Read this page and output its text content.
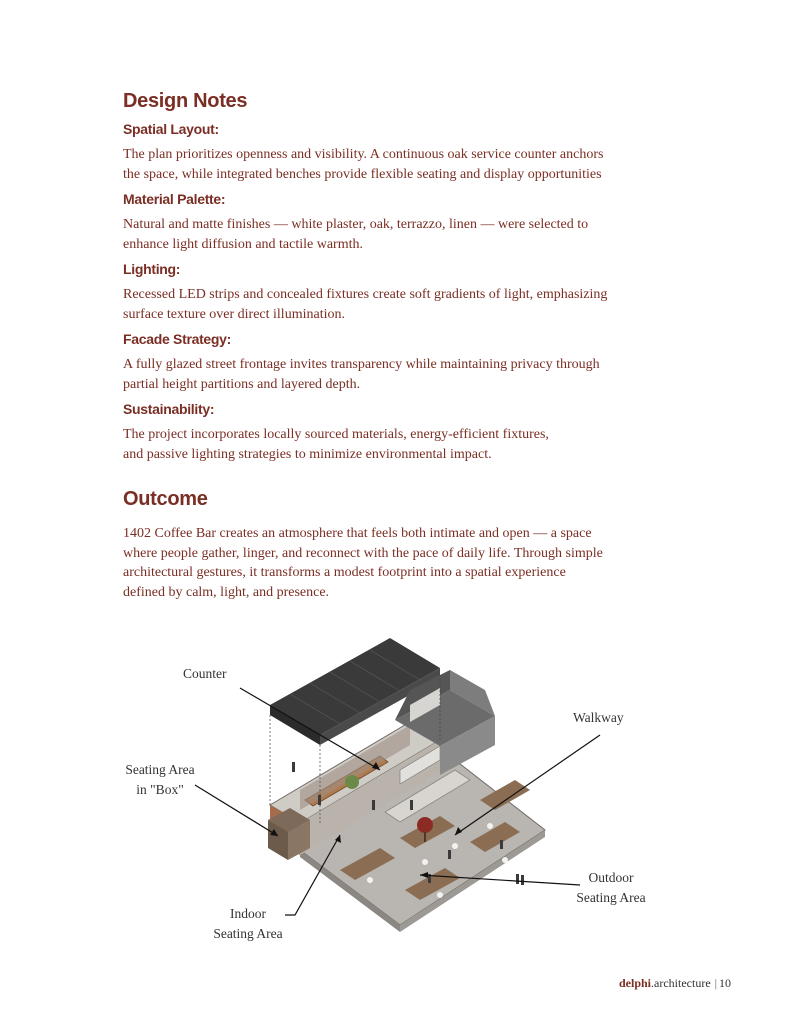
Design Notes
Spatial Layout:
The plan prioritizes openness and visibility. A continuous oak service counter anchors
the space, while integrated benches provide flexible seating and display opportunities
Material Palette:
Natural and matte finishes — white plaster, oak, terrazzo, linen — were selected to
enhance light diffusion and tactile warmth.
Lighting:
Recessed LED strips and concealed fixtures create soft gradients of light, emphasizing
surface texture over direct illumination.
Facade Strategy:
A fully glazed street frontage invites transparency while maintaining privacy through
partial height partitions and layered depth.
Sustainability:
The project incorporates locally sourced materials, energy-efficient fixtures,
and passive lighting strategies to minimize environmental impact.
Outcome
1402 Coffee Bar creates an atmosphere that feels both intimate and open — a space
where people gather, linger, and reconnect with the pace of daily life. Through simple
architectural gestures, it transforms a modest footprint into a spatial experience
defined by calm, light, and presence.
Counter
Walkway
Seating Area
in "Box"
Indoor
Seating Area
Outdoor
Seating Area
delphi.architecture | 10
